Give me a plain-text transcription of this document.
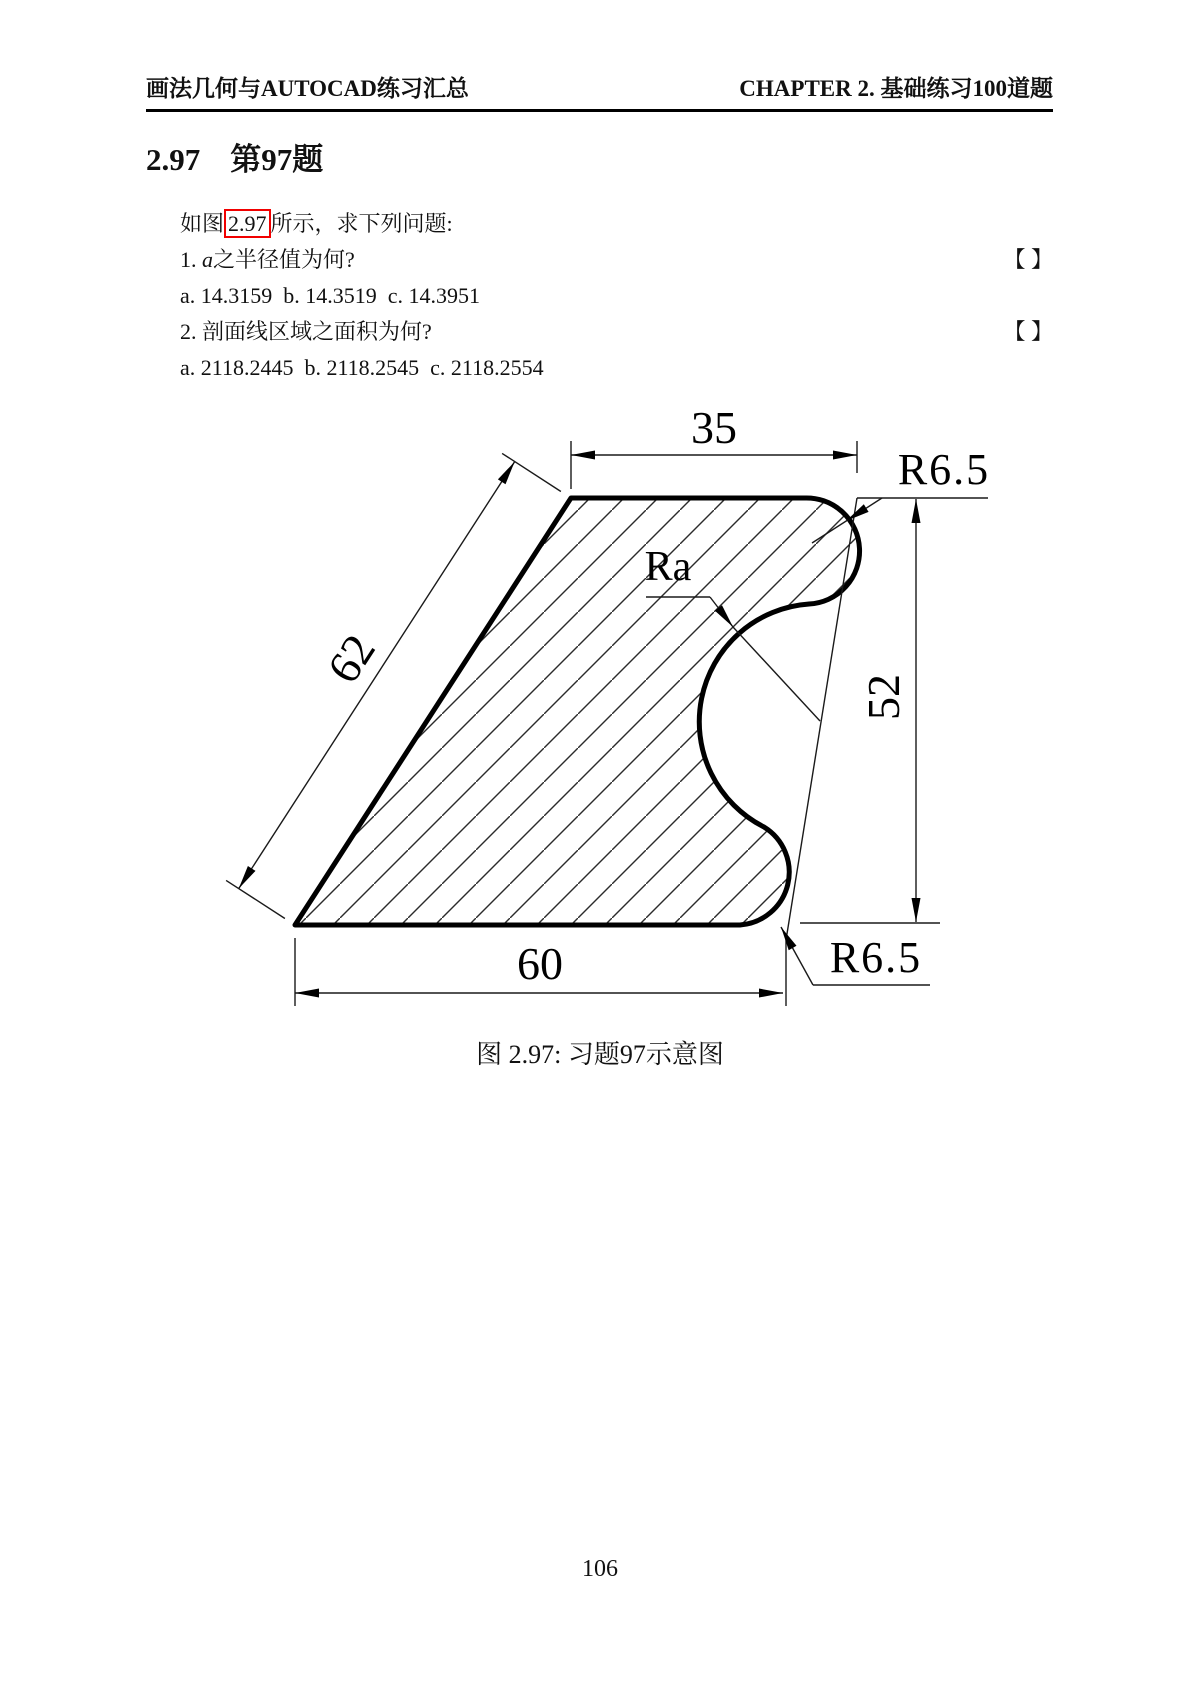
画法几何与AUTOCAD练习汇总	CHAPTER 2. 基础练习100道题
2.97 第97题
如图 2.97 所示，求下列问题:
1. a之半径值为何?	【 】
a. 14.3159  b. 14.3519  c. 14.3951
2. 剖面线区域之面积为何?	【 】
a. 2118.2445  b. 2118.2545  c. 2118.2554
35
R6.5
52
60	R6.5
62
Ra
图 2.97: 习题97示意图
106
